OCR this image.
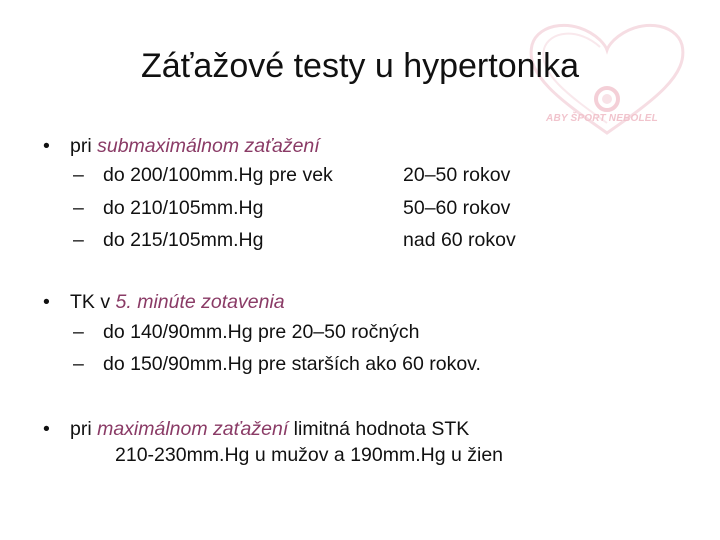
ABY ŠPORT NEBOLEL
Záťažové testy u hypertonika
• pri submaximálnom zaťažení
– do 200/100mm.Hg pre vek	20–50 rokov
– do 210/105mm.Hg	50–60 rokov
– do 215/105mm.Hg	nad 60 rokov
• TK v 5. minúte zotavenia
– do 140/90mm.Hg pre 20–50 ročných
– do 150/90mm.Hg pre starších ako 60 rokov.
• pri maximálnom zaťažení limitná hodnota STK
210-230mm.Hg u mužov a 190mm.Hg u žien
